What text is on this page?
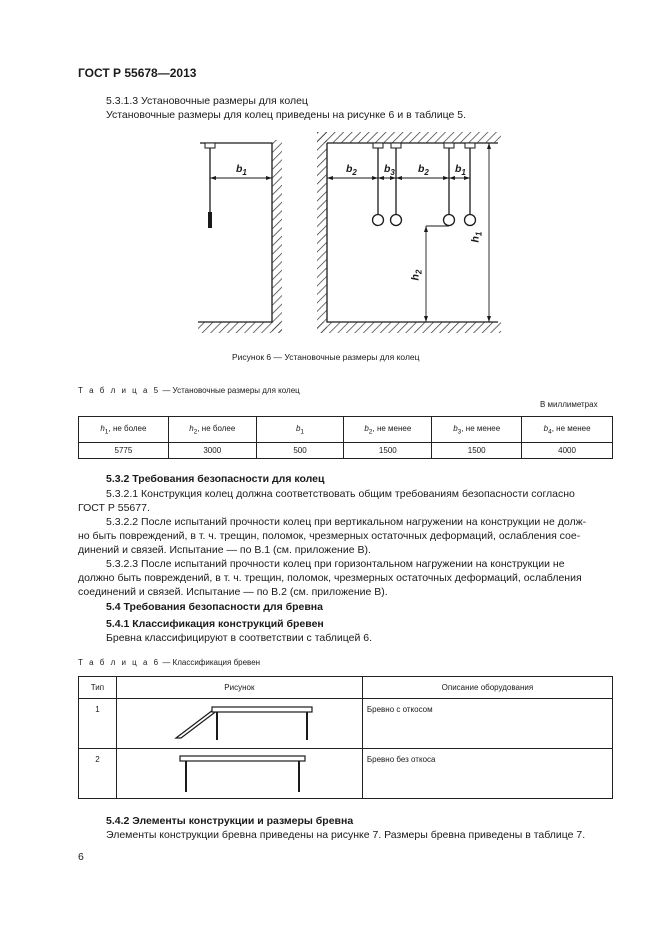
ГОСТ Р 55678—2013
5.3.1.3 Установочные размеры для колец
Установочные размеры для колец приведены на рисунке 6 и в таблице 5.
$b_1$	$b_2$	$b_3$ $b_2$ $b_1$
$h_1$
$h_2$
Рисунок 6 — Установочные размеры для колец
Т а б л и ц а 5 — Установочные размеры для колец
В миллиметрах
$h_1$, не более	$h_2$, не более	$b_1$	$b_2$, не менее	$b_3$, не менее	$b_4$, не менее
5775	3000	500	1500	1500	4000
5.3.2 Требования безопасности для колец
5.3.2.1 Конструкция колец должна соответствовать общим требованиям безопасности согласно
ГОСТ Р 55677.
5.3.2.2 После испытаний прочности колец при вертикальном нагружении на конструкции не долж-
но быть повреждений, в т. ч. трещин, поломок, чрезмерных остаточных деформаций, ослабления сое-
динений и связей. Испытание — по В.1 (см. приложение В).
5.3.2.3 После испытаний прочности колец при горизонтальном нагружении на конструкции не
должно быть повреждений, в т. ч. трещин, поломок, чрезмерных остаточных деформаций, ослабления
соединений и связей. Испытание — по В.2 (см. приложение В).
5.4 Требования безопасности для бревна
5.4.1 Классификация конструкций бревен
Бревна классифицируют в соответствии с таблицей 6.
Т а б л и ц а 6 — Классификация бревен
Тип	Рисунок	Описание оборудования
1		Бревно с откосом
2		Бревно без откоса
5.4.2 Элементы конструкции и размеры бревна
Элементы конструкции бревна приведены на рисунке 7. Размеры бревна приведены в таблице 7.
6
